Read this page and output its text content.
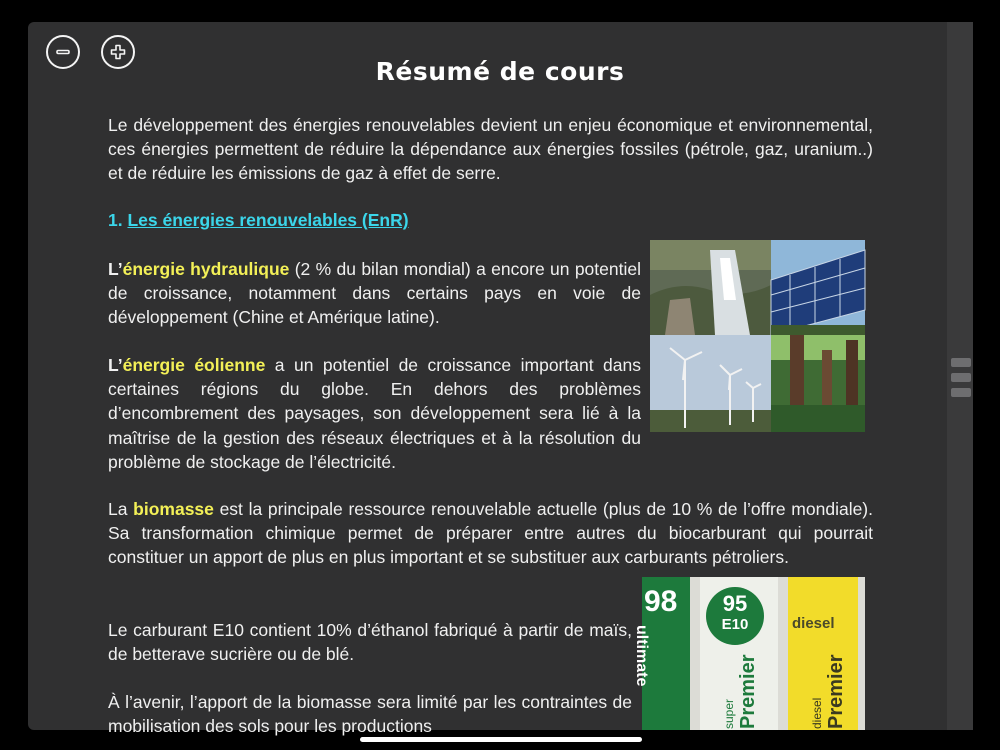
Résumé de cours

Le développement des énergies renouvelables devient un enjeu économique et environnemental, ces énergies permettent de réduire la dépendance aux énergies fossiles (pétrole, gaz, uranium..) et de réduire les émissions de gaz à effet de serre.

1. Les énergies renouvelables (EnR)

L’énergie hydraulique (2 % du bilan mondial) a encore un potentiel de croissance, notamment dans certains pays en voie de développement (Chine et Amérique latine).

L’énergie éolienne a un potentiel de croissance important dans certaines régions du globe. En dehors des problèmes d’encombrement des paysages, son développement sera lié à la maîtrise de la gestion des réseaux électriques et à la résolution du problème de stockage de l’électricité.

La biomasse est la principale ressource renouvelable actuelle (plus de 10 % de l’offre mondiale). Sa transformation chimique permet de préparer entre autres du biocarburant qui pourrait constituer un apport de plus en plus important et se substituer aux carburants pétroliers.

Le carburant E10 contient 10% d’éthanol fabriqué à partir de maïs, de betterave sucrière ou de blé.

À l’avenir, l’apport de la biomasse sera limité par les contraintes de mobilisation des sols pour les productions

98
ultimate
95
E10
super Premier
diesel
diesel Premier
